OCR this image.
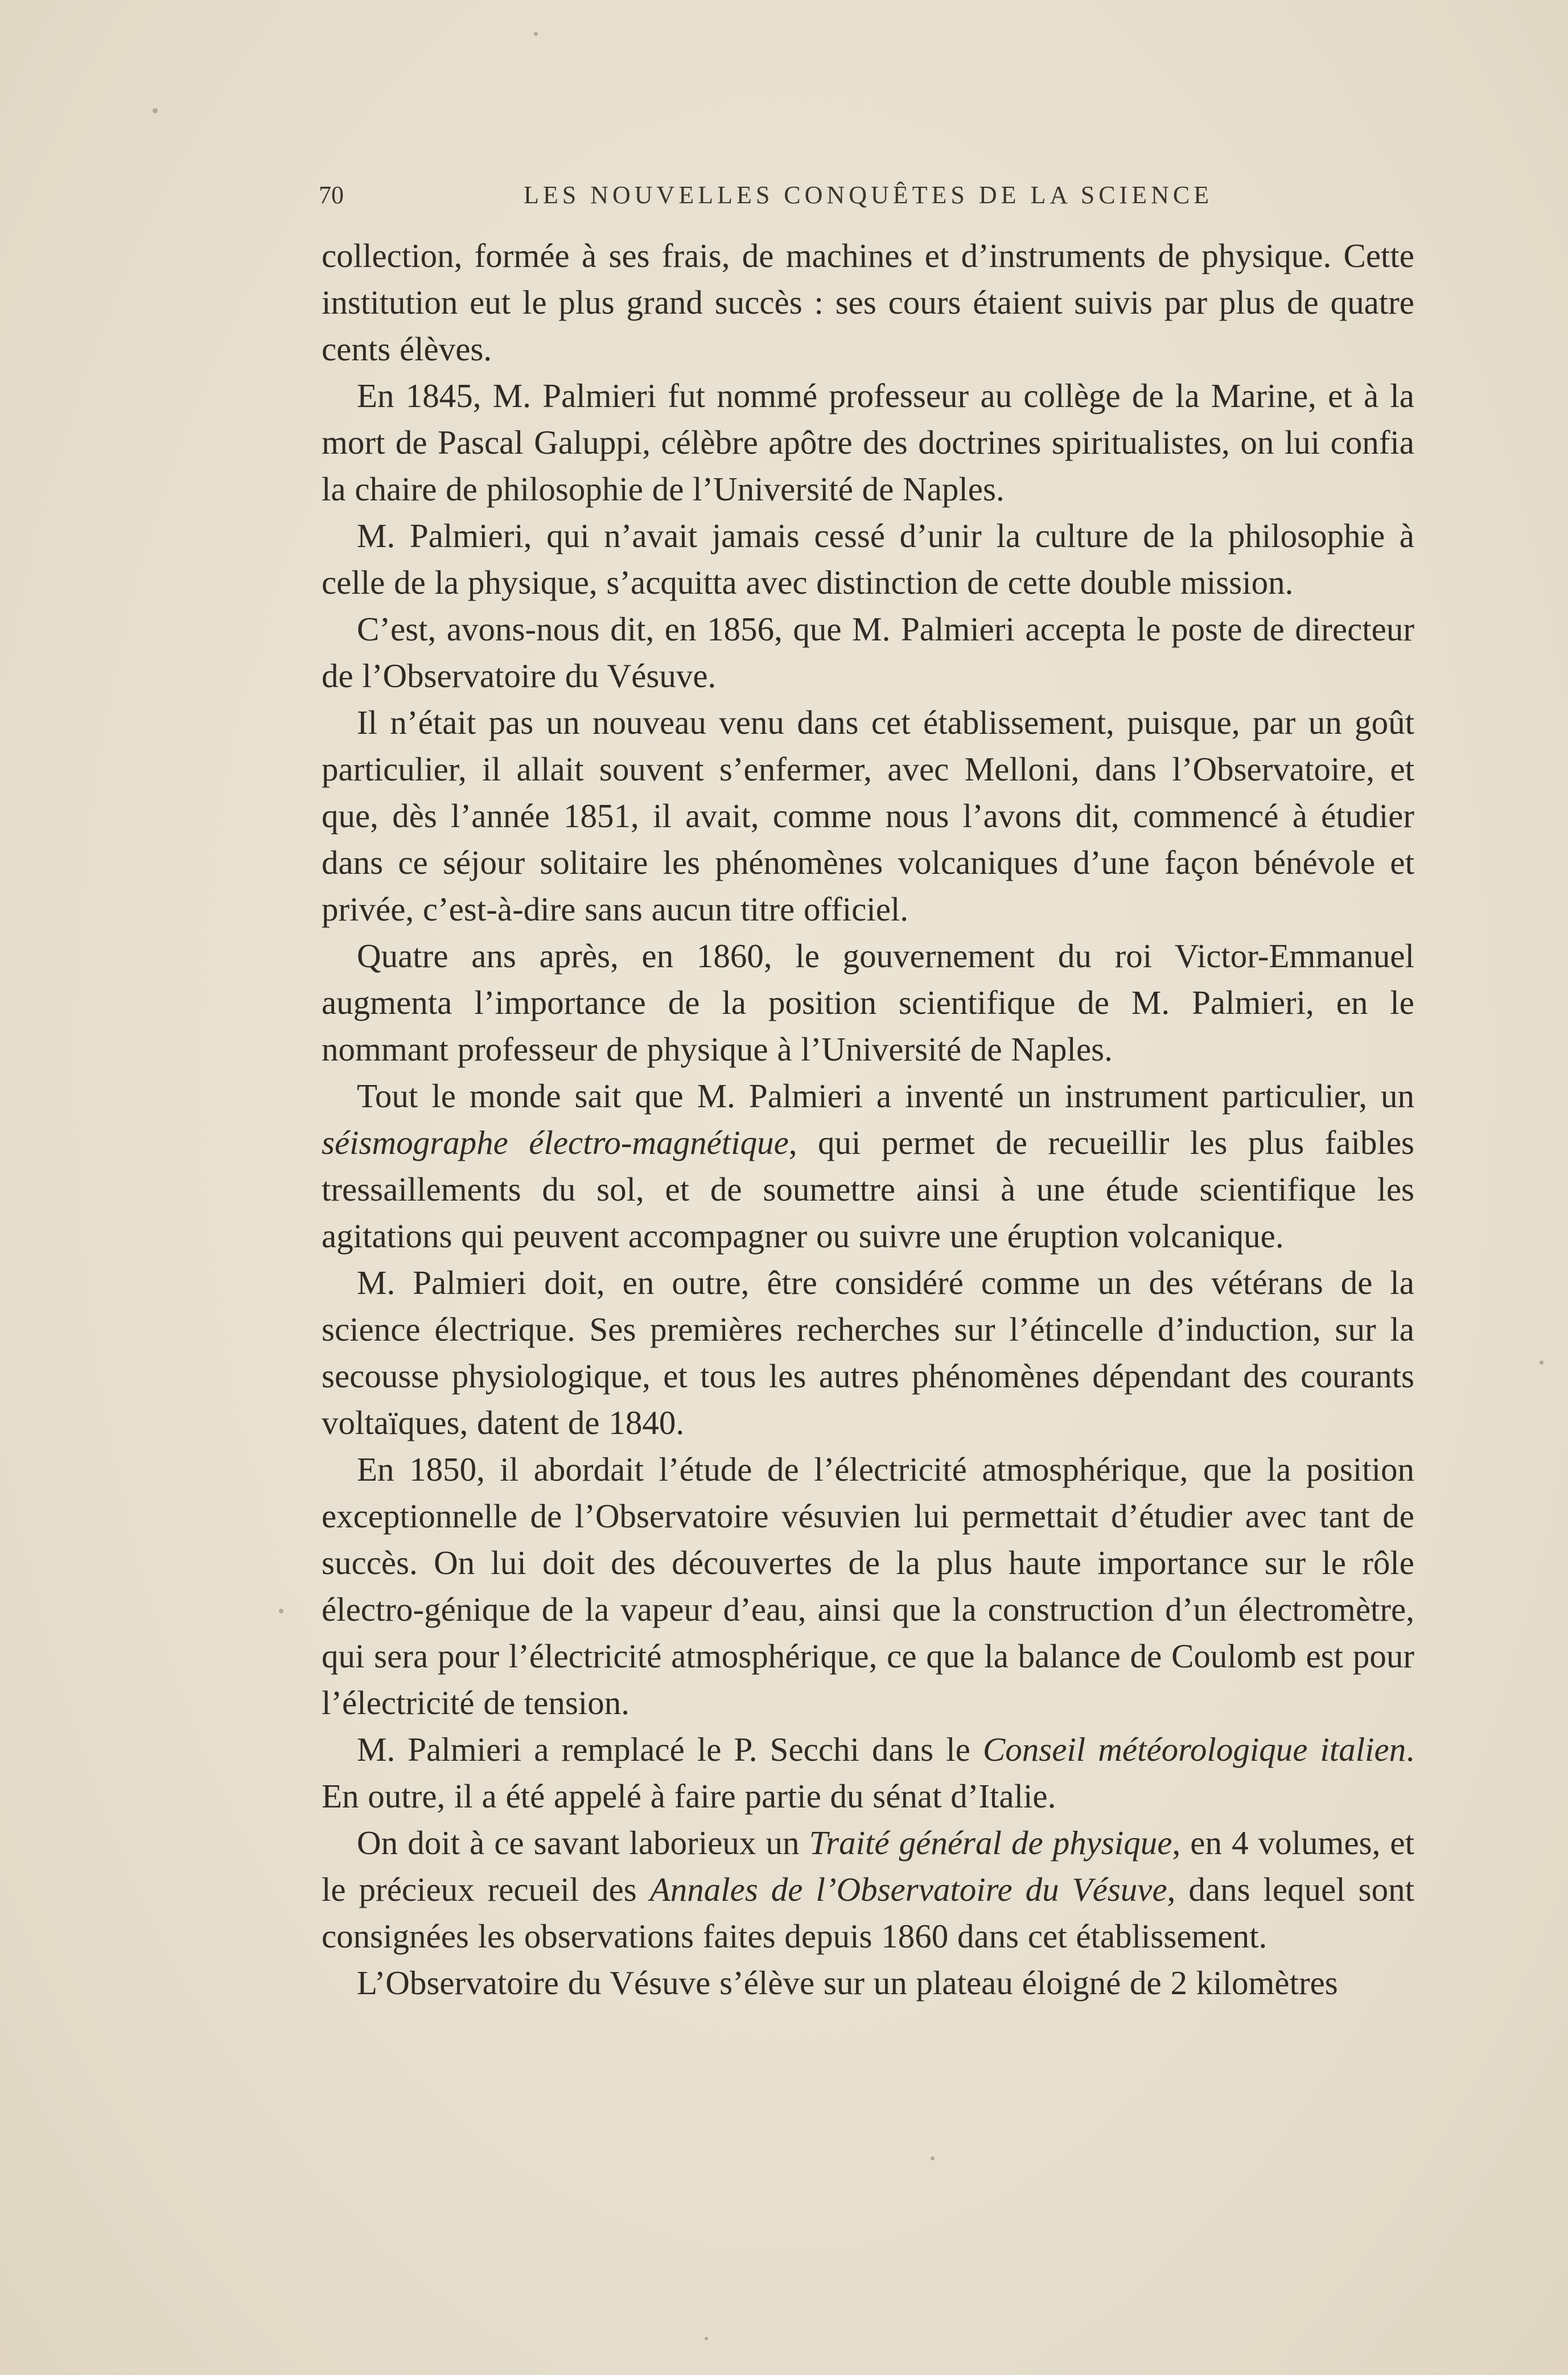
70	LES NOUVELLES CONQUÊTES DE LA SCIENCE

collection, formée à ses frais, de machines et d’instruments de physique. Cette institution eut le plus grand succès : ses cours étaient suivis par plus de quatre cents élèves.

En 1845, M. Palmieri fut nommé professeur au collège de la Marine, et à la mort de Pascal Galuppi, célèbre apôtre des doctrines spiritualistes, on lui confia la chaire de philosophie de l’Université de Naples.

M. Palmieri, qui n’avait jamais cessé d’unir la culture de la philosophie à celle de la physique, s’acquitta avec distinction de cette double mission.

C’est, avons-nous dit, en 1856, que M. Palmieri accepta le poste de directeur de l’Observatoire du Vésuve.

Il n’était pas un nouveau venu dans cet établissement, puisque, par un goût particulier, il allait souvent s’enfermer, avec Melloni, dans l’Observatoire, et que, dès l’année 1851, il avait, comme nous l’avons dit, commencé à étudier dans ce séjour solitaire les phénomènes volcaniques d’une façon bénévole et privée, c’est-à-dire sans aucun titre officiel.

Quatre ans après, en 1860, le gouvernement du roi Victor-Emmanuel augmenta l’importance de la position scientifique de M. Palmieri, en le nommant professeur de physique à l’Université de Naples.

Tout le monde sait que M. Palmieri a inventé un instrument particulier, un séismographe électro-magnétique, qui permet de recueillir les plus faibles tressaillements du sol, et de soumettre ainsi à une étude scientifique les agitations qui peuvent accompagner ou suivre une éruption volcanique.

M. Palmieri doit, en outre, être considéré comme un des vétérans de la science électrique. Ses premières recherches sur l’étincelle d’induction, sur la secousse physiologique, et tous les autres phénomènes dépendant des courants voltaïques, datent de 1840.

En 1850, il abordait l’étude de l’électricité atmosphérique, que la position exceptionnelle de l’Observatoire vésuvien lui permettait d’étudier avec tant de succès. On lui doit des découvertes de la plus haute importance sur le rôle électro-génique de la vapeur d’eau, ainsi que la construction d’un électromètre, qui sera pour l’électricité atmosphérique, ce que la balance de Coulomb est pour l’électricité de tension.

M. Palmieri a remplacé le P. Secchi dans le Conseil météorologique italien. En outre, il a été appelé à faire partie du sénat d’Italie.

On doit à ce savant laborieux un Traité général de physique, en 4 volumes, et le précieux recueil des Annales de l’Observatoire du Vésuve, dans lequel sont consignées les observations faites depuis 1860 dans cet établissement.

L’Observatoire du Vésuve s’élève sur un plateau éloigné de 2 kilomètres
